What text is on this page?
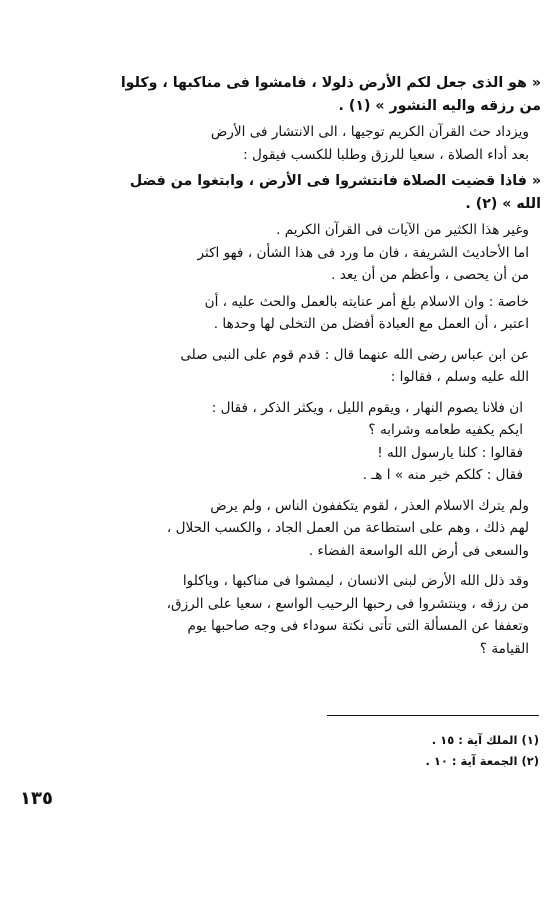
« هو الذى جعل لكم الأرض ذلولا ، فامشوا فى مناكبها ، وكلوا
من رزقه واليه النشور » (١) .
ويزداد حث القرآن الكريم توجيها ، الى الانتشار فى الأرض
بعد أداء الصلاة ، سعيا للرزق وطلبا للكسب فيقول :
« فاذا قضيت الصلاة فانتشروا فى الأرض ، وابتغوا من فضل
الله » (٢) .
وغير هذا الكثير من الآيات فى القرآن الكريم .
اما الأحاديث الشريفة ، فان ما ورد فى هذا الشأن ، فهو اكثر
من أن يحصى ، وأعظم من أن يعد .
خاصة : وان الاسلام بلغ أمر عنايته بالعمل والحث عليه ، أن
اعتبر ، أن العمل مع العبادة أفضل من التخلى لها وحدها .
عن ابن عباس رضى الله عنهما قال : قدم قوم على النبى صلى
الله عليه وسلم ، فقالوا :
ان فلانا يصوم النهار ، ويقوم الليل ، ويكثر الذكر ، فقال :
ايكم يكفيه طعامه وشرابه ؟
فقالوا : كلنا يارسول الله !
فقال : كلكم خير منه » ا هـ .
ولم يترك الاسلام العذر ، لقوم يتكففون الناس ، ولم يرض
لهم ذلك ، وهم على استطاعة من العمل الجاد ، والكسب الحلال ،
والسعى فى أرض الله الواسعة الفضاء .
وقد ذلل الله الأرض لبنى الانسان ، ليمشوا فى مناكبها ، وياكلوا
من رزقه ، وينتشروا فى رحبها الرحيب الواسع ، سعيا على الرزق،
وتعففا عن المسألة التى تأتى نكتة سوداء فى وجه صاحبها يوم
القيامة ؟
(١) الملك آية : ١٥ .
(٢) الجمعة آية : ١٠ .
١٣٥
